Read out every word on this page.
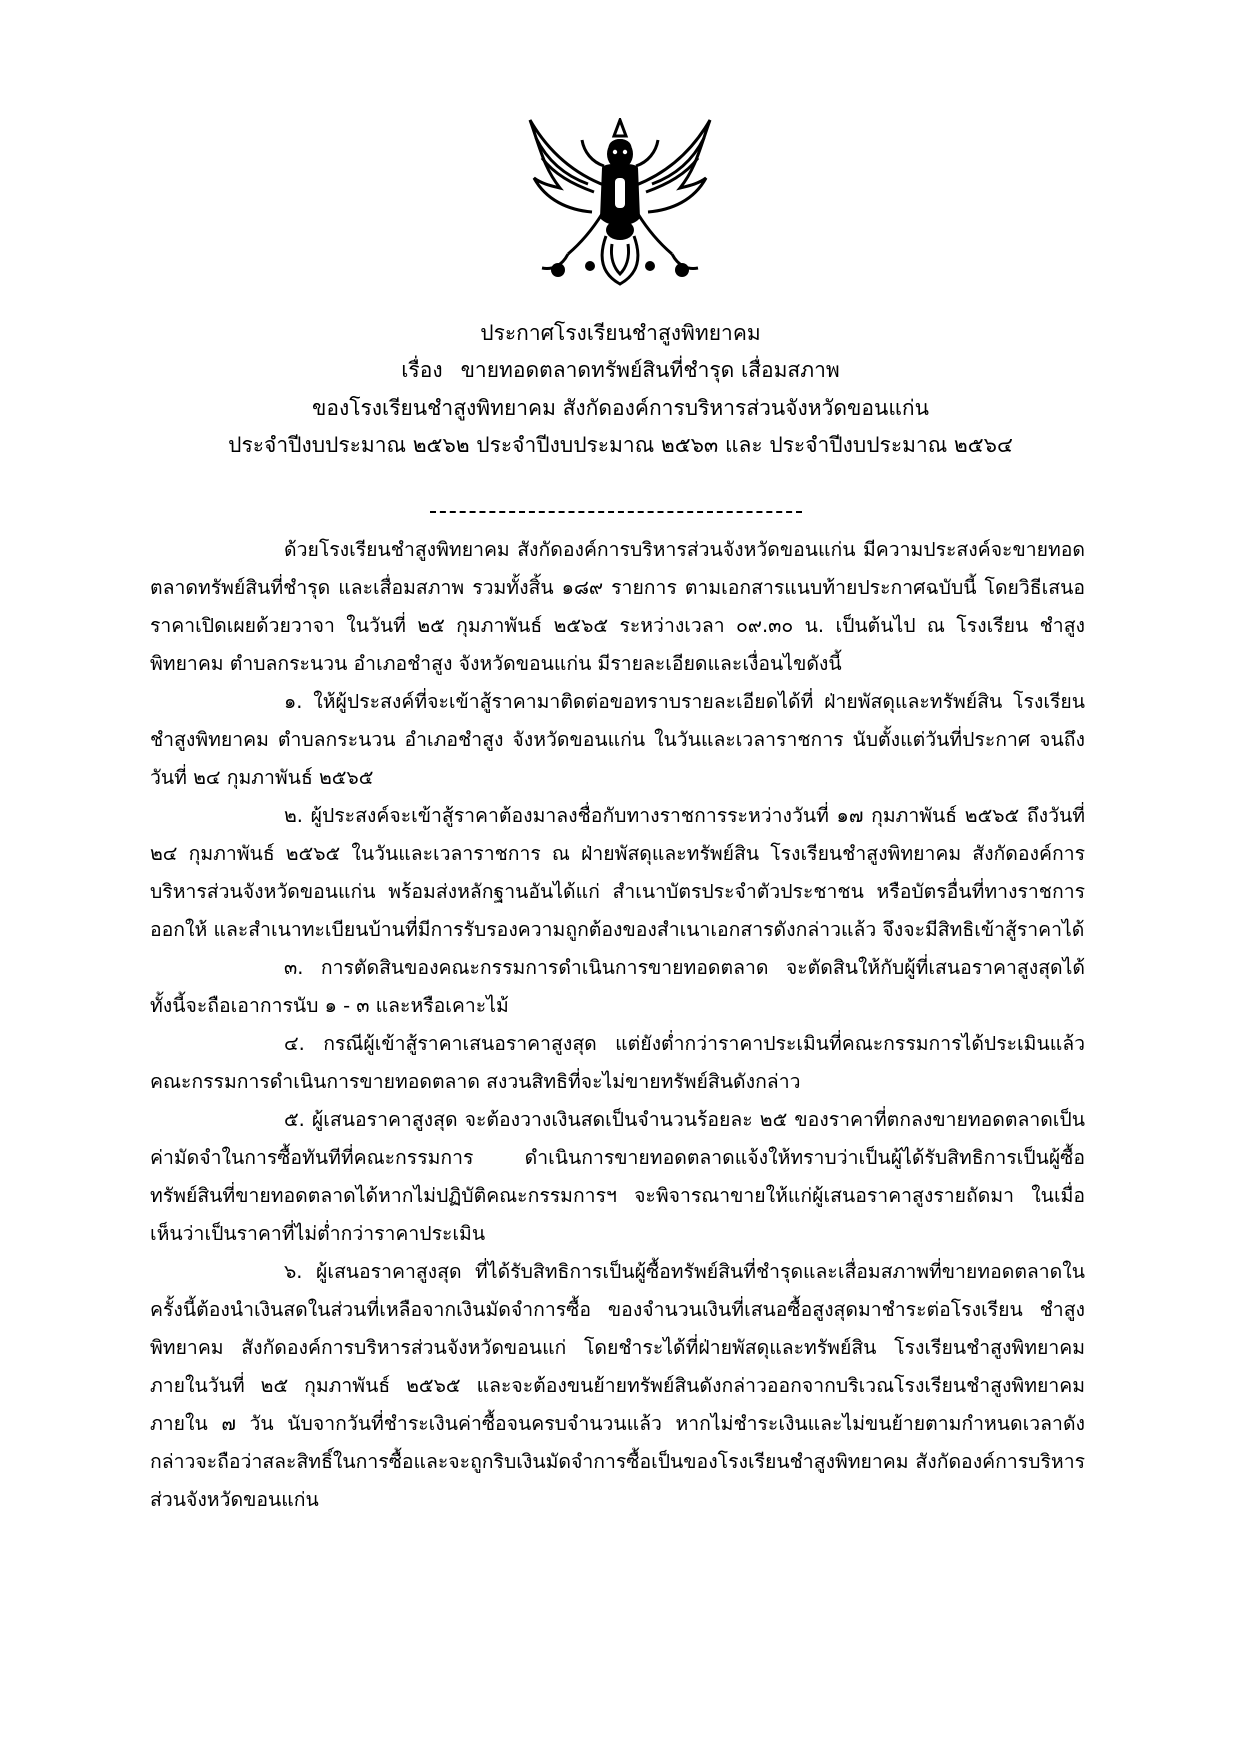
ประกาศโรงเรียนชำสูงพิทยาคม
เรื่อง ขายทอดตลาดทรัพย์สินที่ชำรุด เสื่อมสภาพ
ของโรงเรียนชำสูงพิทยาคม สังกัดองค์การบริหารส่วนจังหวัดขอนแก่น
ประจำปีงบประมาณ ๒๕๖๒ ประจำปีงบประมาณ ๒๕๖๓ และ ประจำปีงบประมาณ ๒๕๖๔

ด้วยโรงเรียนชำสูงพิทยาคม สังกัดองค์การบริหารส่วนจังหวัดขอนแก่น มีความประสงค์จะขายทอดตลาดทรัพย์สินที่ชำรุด และเสื่อมสภาพ รวมทั้งสิ้น ๑๘๙ รายการ ตามเอกสารแนบท้ายประกาศฉบับนี้ โดยวิธีเสนอราคาเปิดเผยด้วยวาจา ในวันที่ ๒๕ กุมภาพันธ์ ๒๕๖๕ ระหว่างเวลา ๐๙.๓๐ น. เป็นต้นไป ณ โรงเรียน ชำสูงพิทยาคม ตำบลกระนวน อำเภอชำสูง จังหวัดขอนแก่น มีรายละเอียดและเงื่อนไขดังนี้

๑. ให้ผู้ประสงค์ที่จะเข้าสู้ราคามาติดต่อขอทราบรายละเอียดได้ที่ ฝ่ายพัสดุและทรัพย์สิน โรงเรียนชำสูงพิทยาคม ตำบลกระนวน อำเภอชำสูง จังหวัดขอนแก่น ในวันและเวลาราชการ นับตั้งแต่วันที่ประกาศ จนถึงวันที่ ๒๔ กุมภาพันธ์ ๒๕๖๕

๒. ผู้ประสงค์จะเข้าสู้ราคาต้องมาลงชื่อกับทางราชการระหว่างวันที่ ๑๗ กุมภาพันธ์ ๒๕๖๕ ถึงวันที่ ๒๔ กุมภาพันธ์ ๒๕๖๕ ในวันและเวลาราชการ ณ ฝ่ายพัสดุและทรัพย์สิน โรงเรียนชำสูงพิทยาคม สังกัดองค์การบริหารส่วนจังหวัดขอนแก่น พร้อมส่งหลักฐานอันได้แก่ สำเนาบัตรประจำตัวประชาชน หรือบัตรอื่นที่ทางราชการออกให้ และสำเนาทะเบียนบ้านที่มีการรับรองความถูกต้องของสำเนาเอกสารดังกล่าวแล้ว จึงจะมีสิทธิเข้าสู้ราคาได้

๓. การตัดสินของคณะกรรมการดำเนินการขายทอดตลาด จะตัดสินให้กับผู้ที่เสนอราคาสูงสุดได้ ทั้งนี้จะถือเอาการนับ ๑ - ๓ และหรือเคาะไม้

๔. กรณีผู้เข้าสู้ราคาเสนอราคาสูงสุด แต่ยังต่ำกว่าราคาประเมินที่คณะกรรมการได้ประเมินแล้ว คณะกรรมการดำเนินการขายทอดตลาด สงวนสิทธิที่จะไม่ขายทรัพย์สินดังกล่าว

๕. ผู้เสนอราคาสูงสุด จะต้องวางเงินสดเป็นจำนวนร้อยละ ๒๕ ของราคาที่ตกลงขายทอดตลาดเป็นค่ามัดจำในการซื้อทันทีที่คณะกรรมการ ดำเนินการขายทอดตลาดแจ้งให้ทราบว่าเป็นผู้ได้รับสิทธิการเป็นผู้ซื้อทรัพย์สินที่ขายทอดตลาดได้หากไม่ปฏิบัติคณะกรรมการฯ จะพิจารณาขายให้แก่ผู้เสนอราคาสูงรายถัดมา ในเมื่อเห็นว่าเป็นราคาที่ไม่ต่ำกว่าราคาประเมิน

๖. ผู้เสนอราคาสูงสุด ที่ได้รับสิทธิการเป็นผู้ซื้อทรัพย์สินที่ชำรุดและเสื่อมสภาพที่ขายทอดตลาดในครั้งนี้ต้องนำเงินสดในส่วนที่เหลือจากเงินมัดจำการซื้อ ของจำนวนเงินที่เสนอซื้อสูงสุดมาชำระต่อโรงเรียน ชำสูงพิทยาคม สังกัดองค์การบริหารส่วนจังหวัดขอนแก่ โดยชำระได้ที่ฝ่ายพัสดุและทรัพย์สิน โรงเรียนชำสูงพิทยาคม ภายในวันที่ ๒๕ กุมภาพันธ์ ๒๕๖๕ และจะต้องขนย้ายทรัพย์สินดังกล่าวออกจากบริเวณโรงเรียนชำสูงพิทยาคม ภายใน ๗ วัน นับจากวันที่ชำระเงินค่าซื้อจนครบจำนวนแล้ว หากไม่ชำระเงินและไม่ขนย้ายตามกำหนดเวลาดังกล่าวจะถือว่าสละสิทธิ์ในการซื้อและจะถูกริบเงินมัดจำการซื้อเป็นของโรงเรียนชำสูงพิทยาคม สังกัดองค์การบริหารส่วนจังหวัดขอนแก่น
